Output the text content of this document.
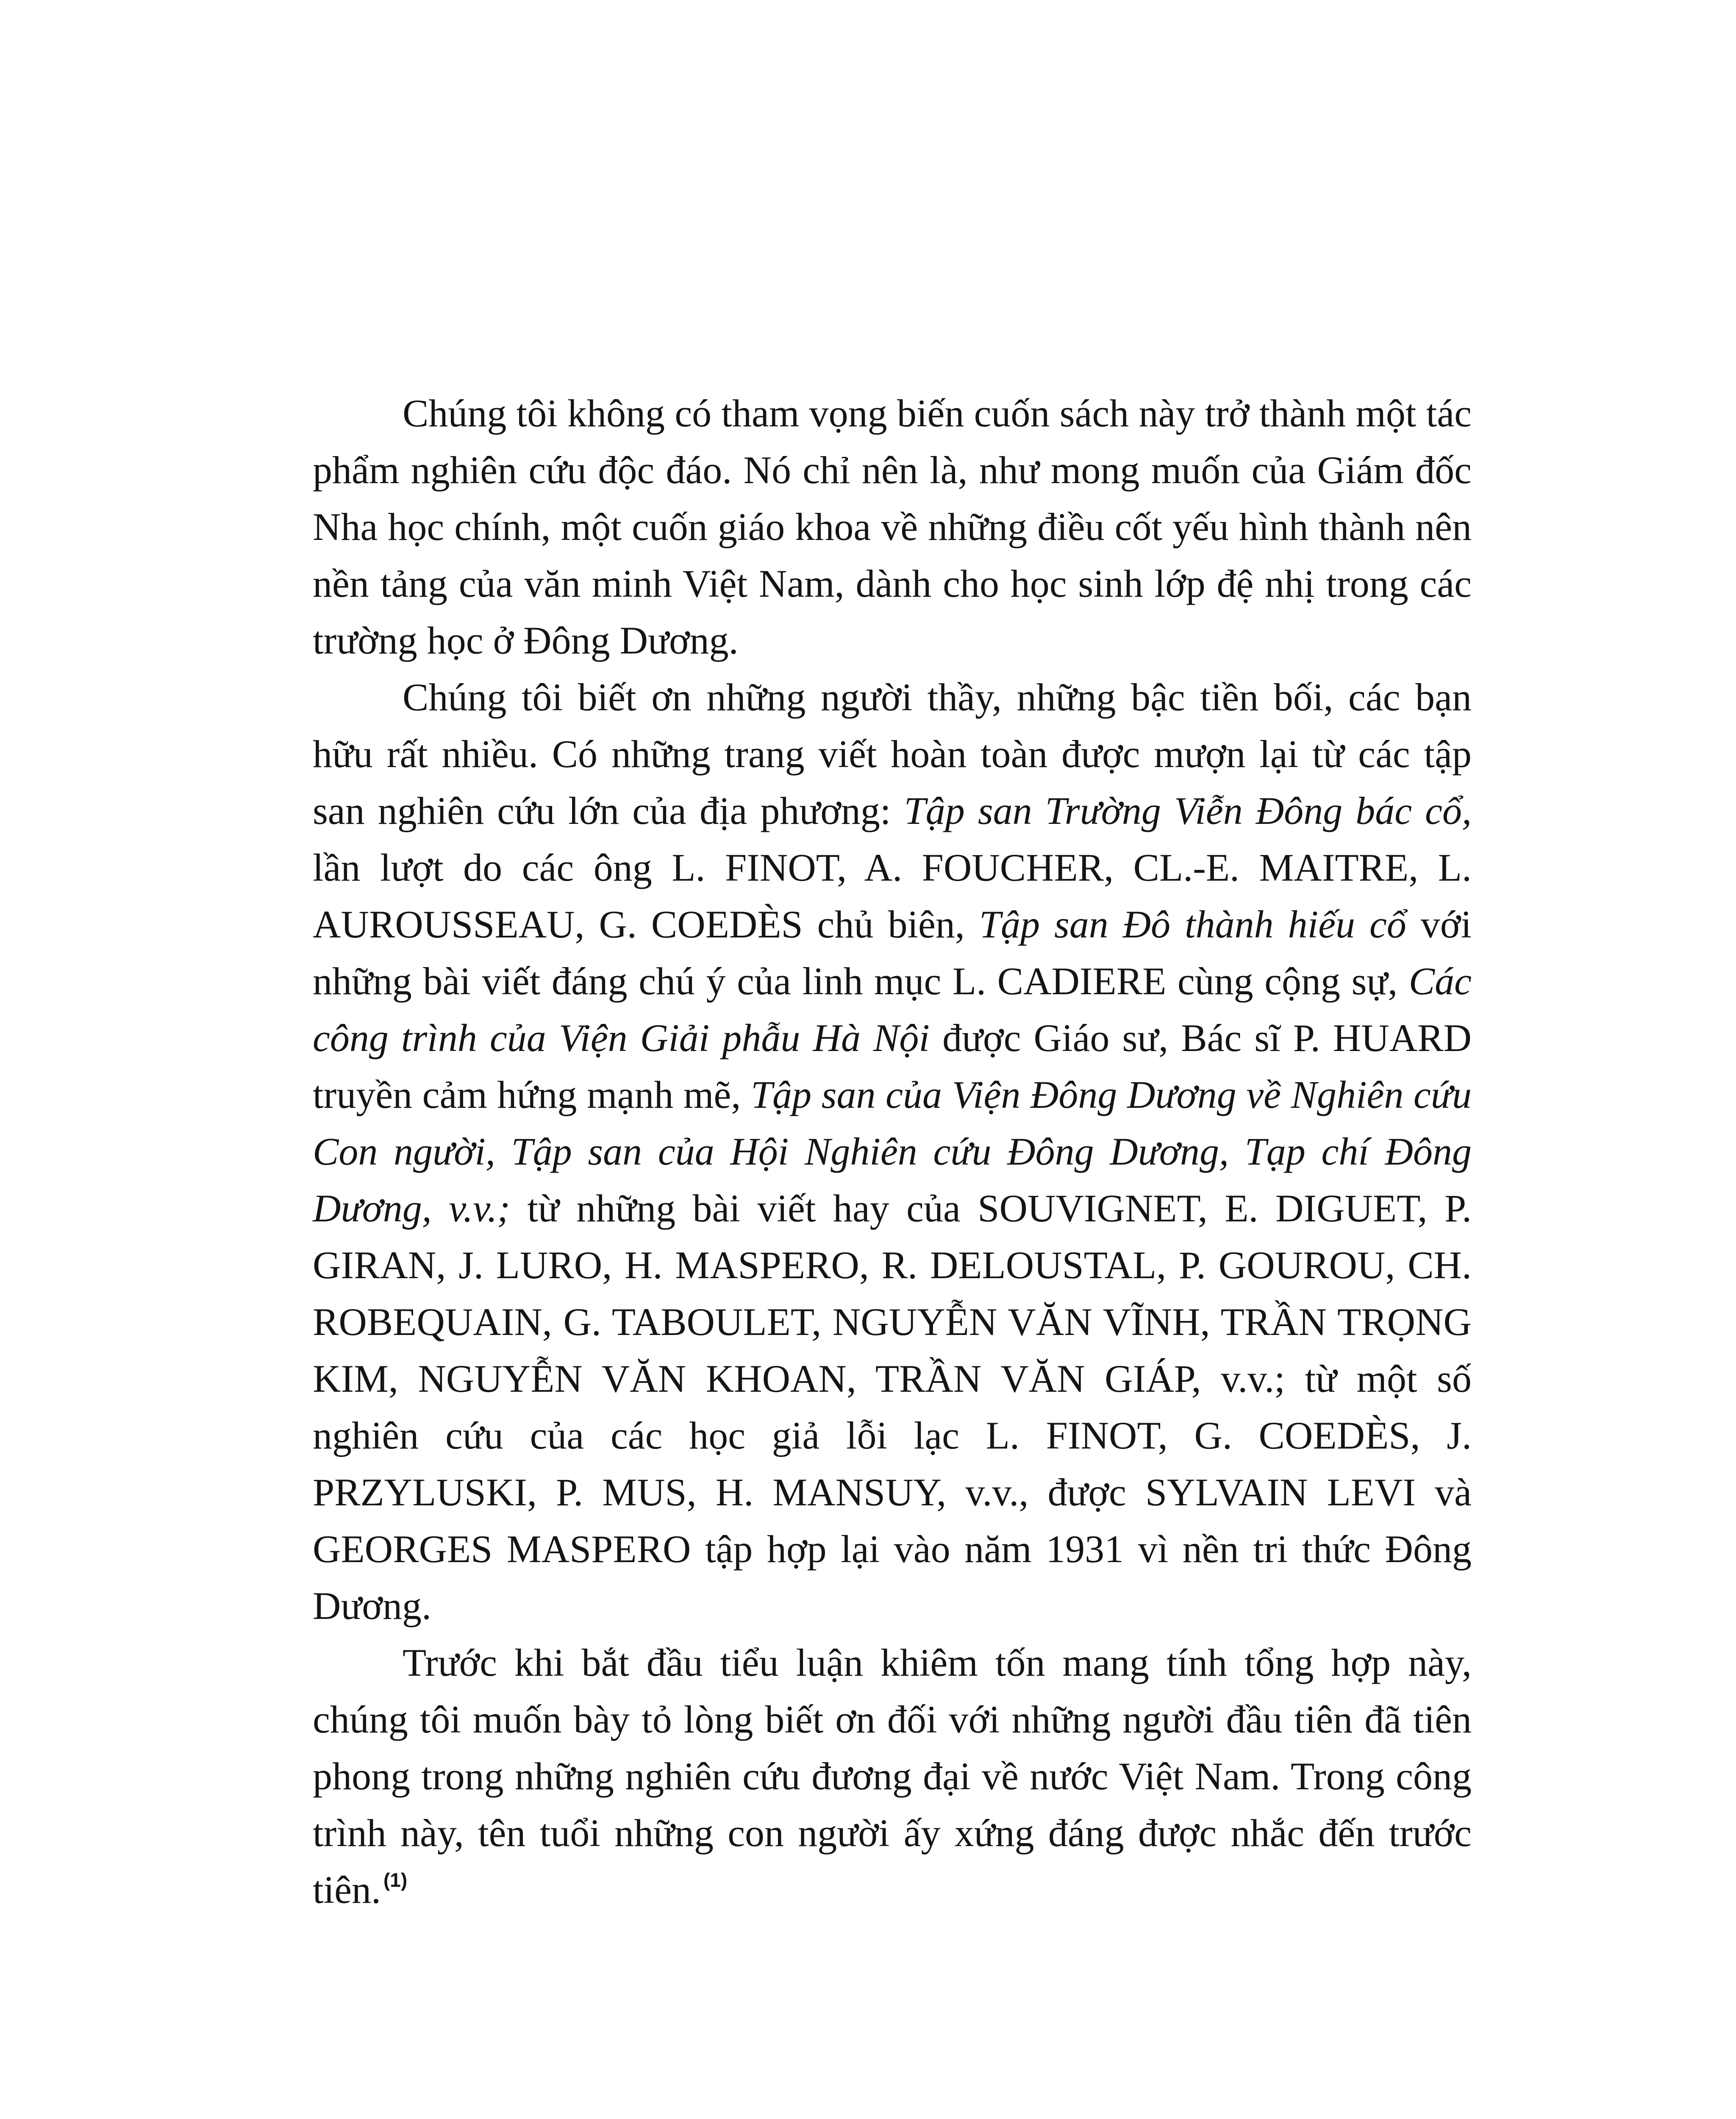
Chúng tôi không có tham vọng biến cuốn sách này trở thành một tác phẩm nghiên cứu độc đáo. Nó chỉ nên là, như mong muốn của Giám đốc Nha học chính, một cuốn giáo khoa về những điều cốt yếu hình thành nên nền tảng của văn minh Việt Nam, dành cho học sinh lớp đệ nhị trong các trường học ở Đông Dương.

Chúng tôi biết ơn những người thầy, những bậc tiền bối, các bạn hữu rất nhiều. Có những trang viết hoàn toàn được mượn lại từ các tập san nghiên cứu lớn của địa phương: Tập san Trường Viễn Đông bác cổ, lần lượt do các ông L. FINOT, A. FOUCHER, CL.-E. MAITRE, L. AUROUSSEAU, G. COEDÈS chủ biên, Tập san Đô thành hiếu cổ với những bài viết đáng chú ý của linh mục L. CADIERE cùng cộng sự, Các công trình của Viện Giải phẫu Hà Nội được Giáo sư, Bác sĩ P. HUARD truyền cảm hứng mạnh mẽ, Tập san của Viện Đông Dương về Nghiên cứu Con người, Tập san của Hội Nghiên cứu Đông Dương, Tạp chí Đông Dương, v.v.; từ những bài viết hay của SOUVIGNET, E. DIGUET, P. GIRAN, J. LURO, H. MASPERO, R. DELOUSTAL, P. GOUROU, CH. ROBEQUAIN, G. TABOULET, NGUYỄN VĂN VĨNH, TRẦN TRỌNG KIM, NGUYỄN VĂN KHOAN, TRẦN VĂN GIÁP, v.v.; từ một số nghiên cứu của các học giả lỗi lạc L. FINOT, G. COEDÈS, J. PRZYLUSKI, P. MUS, H. MANSUY, v.v., được SYLVAIN LEVI và GEORGES MASPERO tập hợp lại vào năm 1931 vì nền tri thức Đông Dương.

Trước khi bắt đầu tiểu luận khiêm tốn mang tính tổng hợp này, chúng tôi muốn bày tỏ lòng biết ơn đối với những người đầu tiên đã tiên phong trong những nghiên cứu đương đại về nước Việt Nam. Trong công trình này, tên tuổi những con người ấy xứng đáng được nhắc đến trước tiên. $^{(1)}$
